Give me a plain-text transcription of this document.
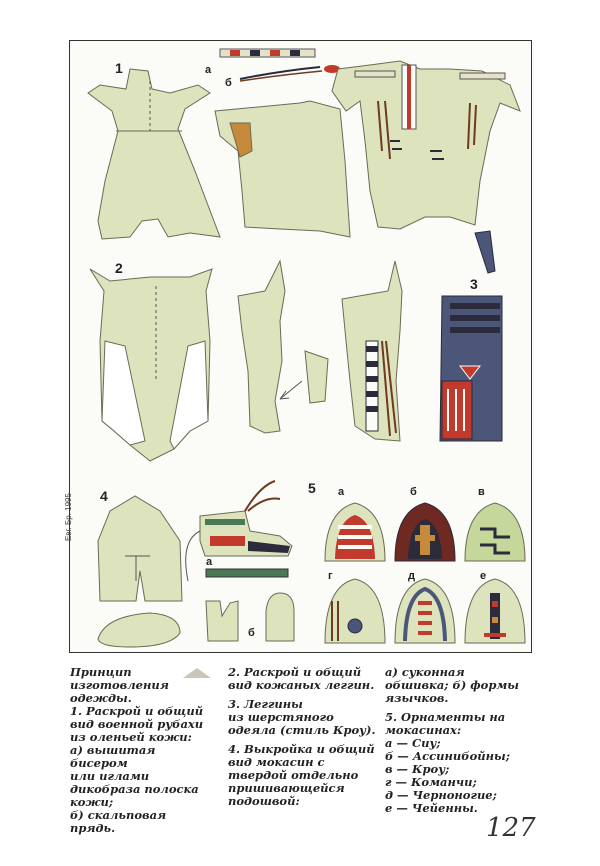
1	а
б
2
3
4
а
б
5 а	б	в
г	д	е
Евг. Бр. 1995

Принцип
изготовления
одежды.
1. Раскрой и общий
вид военной рубахи
из оленьей кожи:
а) вышитая бисером
или иглами
дикобраза полоска
кожи;
б) скальповая прядь.

2. Раскрой и общий
вид кожаных леггин.

3. Леггины
из шерстяного
одеяла (стиль Кроу).

4. Выкройка и общий
вид мокасин с
твердой отдельно
пришивающейся
подошвой:

а) суконная
обшивка; б) формы
язычков.

5. Орнаменты на
мокасинах:
а — Сиу;
б — Ассинибойны;
в — Кроу;
г — Команчи;
д — Черноногие;
е — Чейенны.

127
